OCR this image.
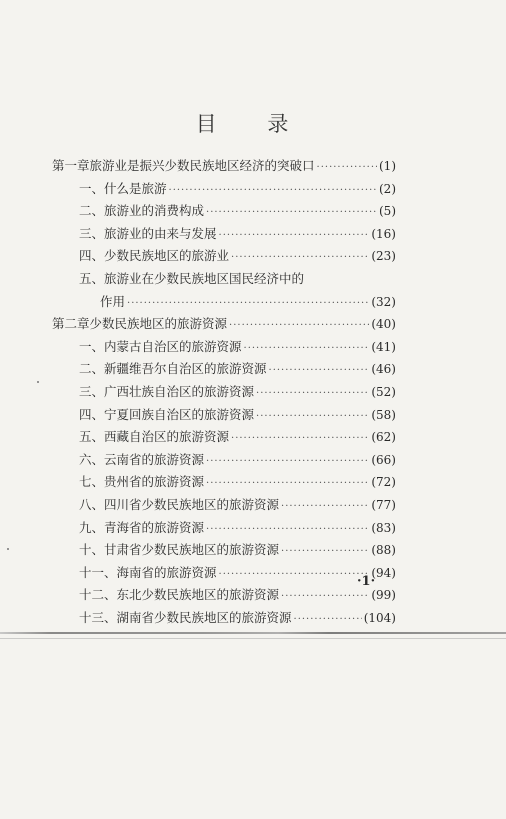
目 录
第一章 旅游业是振兴少数民族地区经济的突破口 ·····	(1)
一、什么是旅游 ·····	(2)
二、旅游业的消费构成 ·····	(5)
三、旅游业的由来与发展 ·····	(16)
四、少数民族地区的旅游业 ·····	(23)
五、旅游业在少数民族地区国民经济中的
作用 ·····	(32)
第二章 少数民族地区的旅游资源 ·····	(40)
一、内蒙古自治区的旅游资源 ·····	(41)
二、新疆维吾尔自治区的旅游资源 ·····	(46)
三、广西壮族自治区的旅游资源 ·····	(52)
四、宁夏回族自治区的旅游资源 ·····	(58)
五、西藏自治区的旅游资源 ·····	(62)
六、云南省的旅游资源 ·····	(66)
七、贵州省的旅游资源 ·····	(72)
八、四川省少数民族地区的旅游资源 ·····	(77)
九、青海省的旅游资源 ·····	(83)
十、甘肃省少数民族地区的旅游资源 ·····	(88)
十一、海南省的旅游资源 ·····	(94)
十二、东北少数民族地区的旅游资源 ·····	(99)
十三、湖南省少数民族地区的旅游资源 ·····	(104)
·1·
